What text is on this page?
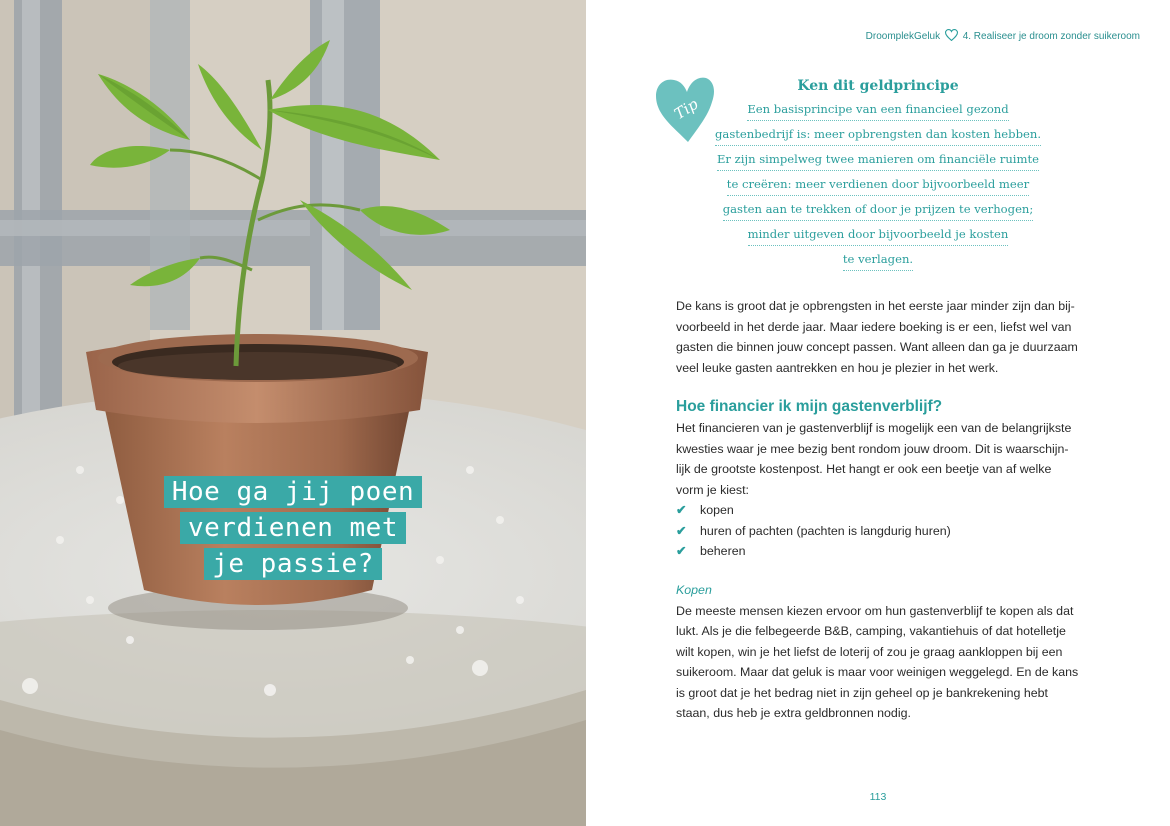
Hoe ga jij poen
verdienen met
je passie?
DroomplekGeluk 4. Realiseer je droom zonder suikeroom
Tip
Ken dit geldprincipe
Een basisprincipe van een financieel gezond
gastenbedrijf is: meer opbrengsten dan kosten hebben.
Er zijn simpelweg twee manieren om financiële ruimte
te creëren: meer verdienen door bijvoorbeeld meer
gasten aan te trekken of door je prijzen te verhogen;
minder uitgeven door bijvoorbeeld je kosten
te verlagen.
De kans is groot dat je opbrengsten in het eerste jaar minder zijn dan bij-
voorbeeld in het derde jaar. Maar iedere boeking is er een, liefst wel van
gasten die binnen jouw concept passen. Want alleen dan ga je duurzaam
veel leuke gasten aantrekken en hou je plezier in het werk.
Hoe financier ik mijn gastenverblijf?
Het financieren van je gastenverblijf is mogelijk een van de belangrijkste
kwesties waar je mee bezig bent rondom jouw droom. Dit is waarschijn-
lijk de grootste kostenpost. Het hangt er ook een beetje van af welke
vorm je kiest:
✔ kopen
✔ huren of pachten (pachten is langdurig huren)
✔ beheren
Kopen
De meeste mensen kiezen ervoor om hun gastenverblijf te kopen als dat
lukt. Als je die felbegeerde B&B, camping, vakantiehuis of dat hotelletje
wilt kopen, win je het liefst de loterij of zou je graag aankloppen bij een
suikeroom. Maar dat geluk is maar voor weinigen weggelegd. En de kans
is groot dat je het bedrag niet in zijn geheel op je bankrekening hebt
staan, dus heb je extra geldbronnen nodig.
113
